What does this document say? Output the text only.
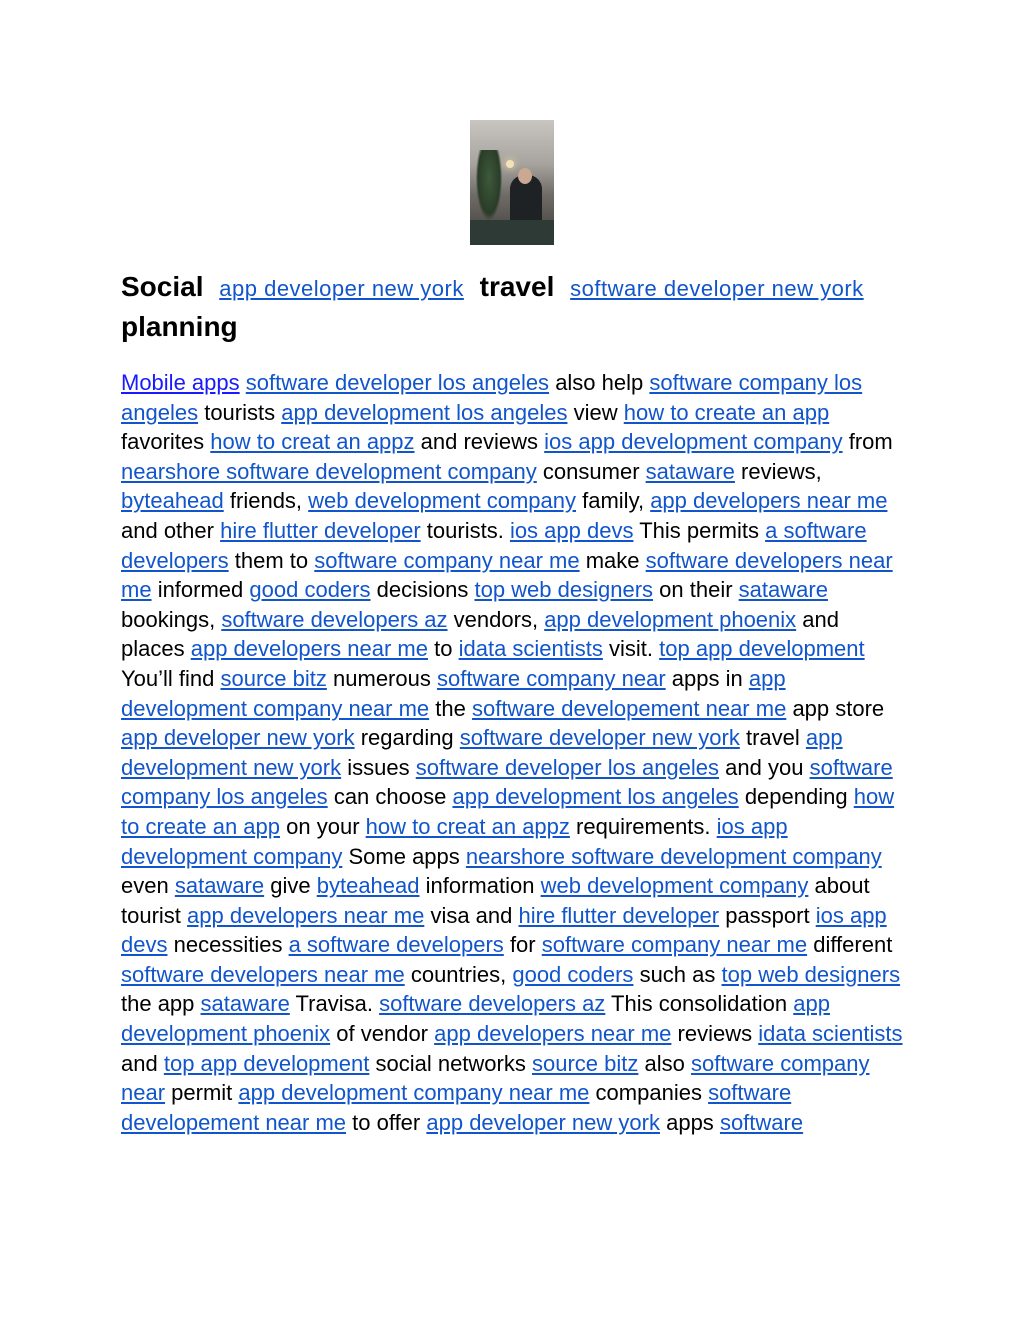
Social app developer new york travel software developer new york planning

Mobile apps software developer los angeles also help software company los angeles tourists app development los angeles view how to create an app favorites how to creat an appz and reviews ios app development company from nearshore software development company consumer sataware reviews, byteahead friends, web development company family, app developers near me and other hire flutter developer tourists. ios app devs This permits a software developers them to software company near me make software developers near me informed good coders decisions top web designers on their sataware bookings, software developers az vendors, app development phoenix and places app developers near me to idata scientists visit. top app development You’ll find source bitz numerous software company near apps in app development company near me the software developement near me app store app developer new york regarding software developer new york travel app development new york issues software developer los angeles and you software company los angeles can choose app development los angeles depending how to create an app on your how to creat an appz requirements. ios app development company Some apps nearshore software development company even sataware give byteahead information web development company about tourist app developers near me visa and hire flutter developer passport ios app devs necessities a software developers for software company near me different software developers near me countries, good coders such as top web designers the app sataware Travisa. software developers az This consolidation app development phoenix of vendor app developers near me reviews idata scientists and top app development social networks source bitz also software company near permit app development company near me companies software developement near me to offer app developer new york apps software
